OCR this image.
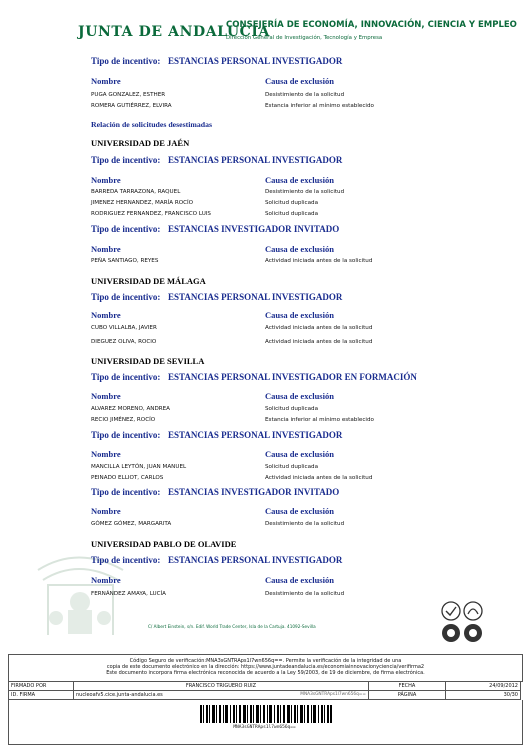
JUNTA DE ANDALUCIA
CONSEJERÍA DE ECONOMÍA, INNOVACIÓN, CIENCIA Y EMPLEO
Dirección General de Investigación, Tecnología y Empresa
Tipo de incentivo: ESTANCIAS PERSONAL INVESTIGADOR
Nombre	Causa de exclusión
PUGA GONZALEZ, ESTHER	Desistimiento de la solicitud
ROMERA GUTIÉRREZ, ELVIRA	Estancia inferior al mínimo establecido
Relación de solicitudes desestimadas
UNIVERSIDAD DE JAÉN
Tipo de incentivo: ESTANCIAS PERSONAL INVESTIGADOR
Nombre	Causa de exclusión
BARREDA TARRAZONA, RAQUEL	Desistimiento de la solicitud
JIMENEZ HERNANDEZ, MARÍA ROCÍO	Solicitud duplicada
RODRIGUEZ FERNANDEZ, FRANCISCO LUIS	Solicitud duplicada
Tipo de incentivo: ESTANCIAS INVESTIGADOR INVITADO
Nombre	Causa de exclusión
PEÑA SANTIAGO, REYES	Actividad iniciada antes de la solicitud
UNIVERSIDAD DE MÁLAGA
Tipo de incentivo: ESTANCIAS PERSONAL INVESTIGADOR
Nombre	Causa de exclusión
CUBO VILLALBA, JAVIER	Actividad iniciada antes de la solicitud
DIEGUEZ OLIVA, ROCIO	Actividad iniciada antes de la solicitud
UNIVERSIDAD DE SEVILLA
Tipo de incentivo: ESTANCIAS PERSONAL INVESTIGADOR EN FORMACIÓN
Nombre	Causa de exclusión
ALVAREZ MORENO, ANDREA	Solicitud duplicada
RECIO JIMÉNEZ, ROCÍO	Estancia inferior al mínimo establecido
Tipo de incentivo: ESTANCIAS PERSONAL INVESTIGADOR
Nombre	Causa de exclusión
MANCILLA LEYTÓN, JUAN MANUEL	Solicitud duplicada
PEINADO ELLIOT, CARLOS	Actividad iniciada antes de la solicitud
Tipo de incentivo: ESTANCIAS INVESTIGADOR INVITADO
Nombre	Causa de exclusión
GÓMEZ GÓMEZ, MARGARITA	Desistimiento de la solicitud
UNIVERSIDAD PABLO DE OLAVIDE
Tipo de incentivo: ESTANCIAS PERSONAL INVESTIGADOR
Nombre	Causa de exclusión
FERNÁNDEZ AMAYA, LUCÍA	Desistimiento de la solicitud
C/ Albert Einstein, s/n. Edif. World Trade Center, Isla de la Cartuja. 41092-Sevilla
Código Seguro de verificación:MNA3sGNTRAps1l7wn656q==. Permite la verificación de la integridad de una
copia de este documento electrónico en la dirección: https://www.juntadeandalucia.es/economiainnovacionyciencia/verifirma2
Este documento incorpora firma electrónica reconocida de acuerdo a la Ley 59/2003, de 19 de diciembre, de firma electrónica.
FIRMADO POR	FRANCISCO TRIGUERO RUIZ	FECHA	24/09/2012
ID. FIRMA	nucleoafv5.cice.junta-andalucia.es MNA3sGNTRAps1l7wn656q==	PÁGINA	30/30
MNA3sGNTRAps1l7wn656q==
